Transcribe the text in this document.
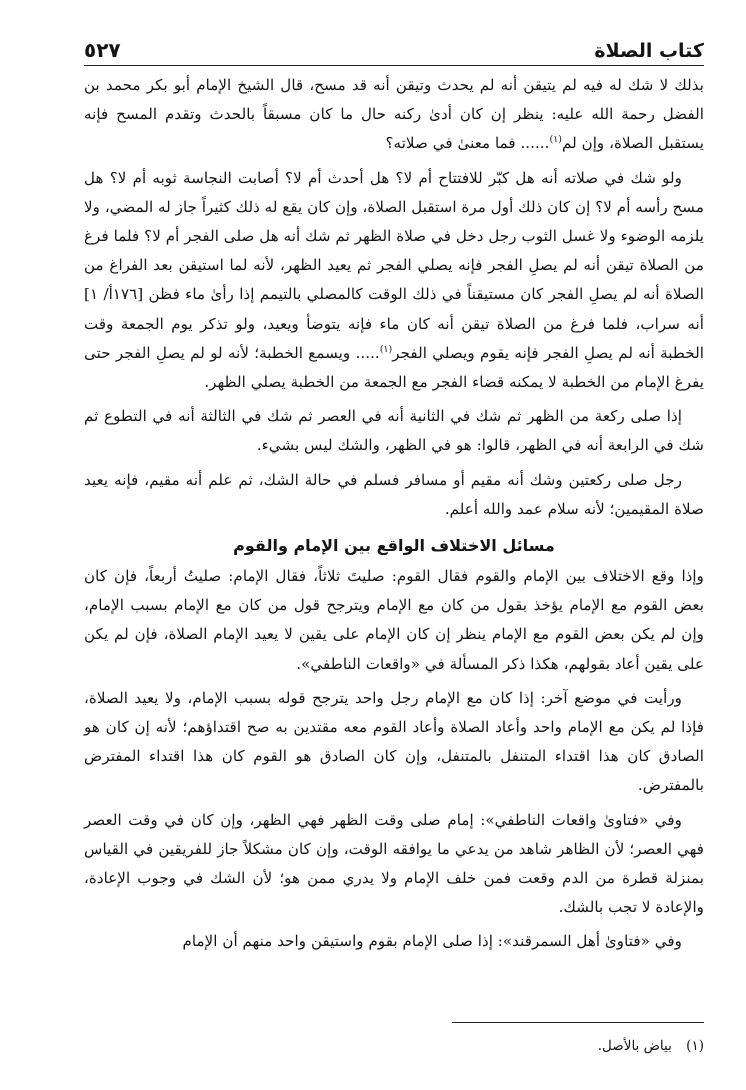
كتاب الصلاة
٥٢٧

بذلك لا شك له فيه لم يتيقن أنه لم يحدث وتيقن أنه قد مسح، قال الشيخ الإمام أبو بكر محمد بن الفضل رحمة الله عليه: ينظر إن كان أدىٰ ركنه حال ما كان مسبقاً بالحدث وتقدم المسح فإنه يستقبل الصلاة، وإن لم$^{(١)}$...... فما معنىٰ في صلاته؟

ولو شك في صلاته أنه هل كبّر للافتتاح أم لا؟ هل أحدث أم لا؟ أصابت النجاسة ثوبه أم لا؟ هل مسح رأسه أم لا؟ إن كان ذلك أول مرة استقبل الصلاة، وإن كان يقع له ذلك كثيراً جاز له المضي، ولا يلزمه الوضوء ولا غسل الثوب رجل دخل في صلاة الظهر ثم شك أنه هل صلى الفجر أم لا؟ فلما فرغ من الصلاة تيقن أنه لم يصلِ الفجر فإنه يصلي الفجر ثم يعيد الظهر، لأنه لما استيقن بعد الفراغ من الصلاة أنه لم يصلِ الفجر كان مستيقناً في ذلك الوقت كالمصلي بالتيمم إذا رأىٰ ماء فظن [١٧٦أ/ ١] أنه سراب، فلما فرغ من الصلاة تيقن أنه كان ماء فإنه يتوضأ ويعيد، ولو تذكر يوم الجمعة وقت الخطبة أنه لم يصلِ الفجر فإنه يقوم ويصلي الفجر$^{(١)}$..... ويسمع الخطبة؛ لأنه لو لم يصلِ الفجر حتى يفرغ الإمام من الخطبة لا يمكنه قضاء الفجر مع الجمعة من الخطبة يصلي الظهر.

إذا صلى ركعة من الظهر ثم شك في الثانية أنه في العصر ثم شك في الثالثة أنه في التطوع ثم شك في الرابعة أنه في الظهر، قالوا: هو في الظهر، والشك ليس بشيء.

رجل صلى ركعتين وشك أنه مقيم أو مسافر فسلم في حالة الشك، ثم علم أنه مقيم، فإنه يعيد صلاة المقيمين؛ لأنه سلام عمد والله أعلم.

مسائل الاختلاف الواقع بين الإمام والقوم

وإذا وقع الاختلاف بين الإمام والقوم فقال القوم: صليتَ ثلاثاً، فقال الإمام: صليتُ أربعاً، فإن كان بعض القوم مع الإمام يؤخذ بقول من كان مع الإمام ويترجح قول من كان مع الإمام بسبب الإمام، وإن لم يكن بعض القوم مع الإمام ينظر إن كان الإمام على يقين لا يعيد الإمام الصلاة، فإن لم يكن على يقين أعاد بقولهم، هكذا ذكر المسألة في «واقعات الناطفي».

ورأيت في موضع آخر: إذا كان مع الإمام رجل واحد يترجح قوله بسبب الإمام، ولا يعيد الصلاة، فإذا لم يكن مع الإمام واحد وأعاد الصلاة وأعاد القوم معه مقتدين به صح اقتداؤهم؛ لأنه إن كان هو الصادق كان هذا اقتداء المتنفل بالمتنفل، وإن كان الصادق هو القوم كان هذا اقتداء المفترض بالمفترض.

وفي «فتاوىٰ واقعات الناطفي»: إمام صلى وقت الظهر فهي الظهر، وإن كان في وقت العصر فهي العصر؛ لأن الظاهر شاهد من يدعي ما يوافقه الوقت، وإن كان مشكلاً جاز للفريقين في القياس بمنزلة قطرة من الدم وقعت فمن خلف الإمام ولا يدري ممن هو؛ لأن الشك في وجوب الإعادة، والإعادة لا تجب بالشك.

وفي «فتاوىٰ أهل السمرقند»: إذا صلى الإمام بقوم واستيقن واحد منهم أن الإمام

(١) بياض بالأصل.
